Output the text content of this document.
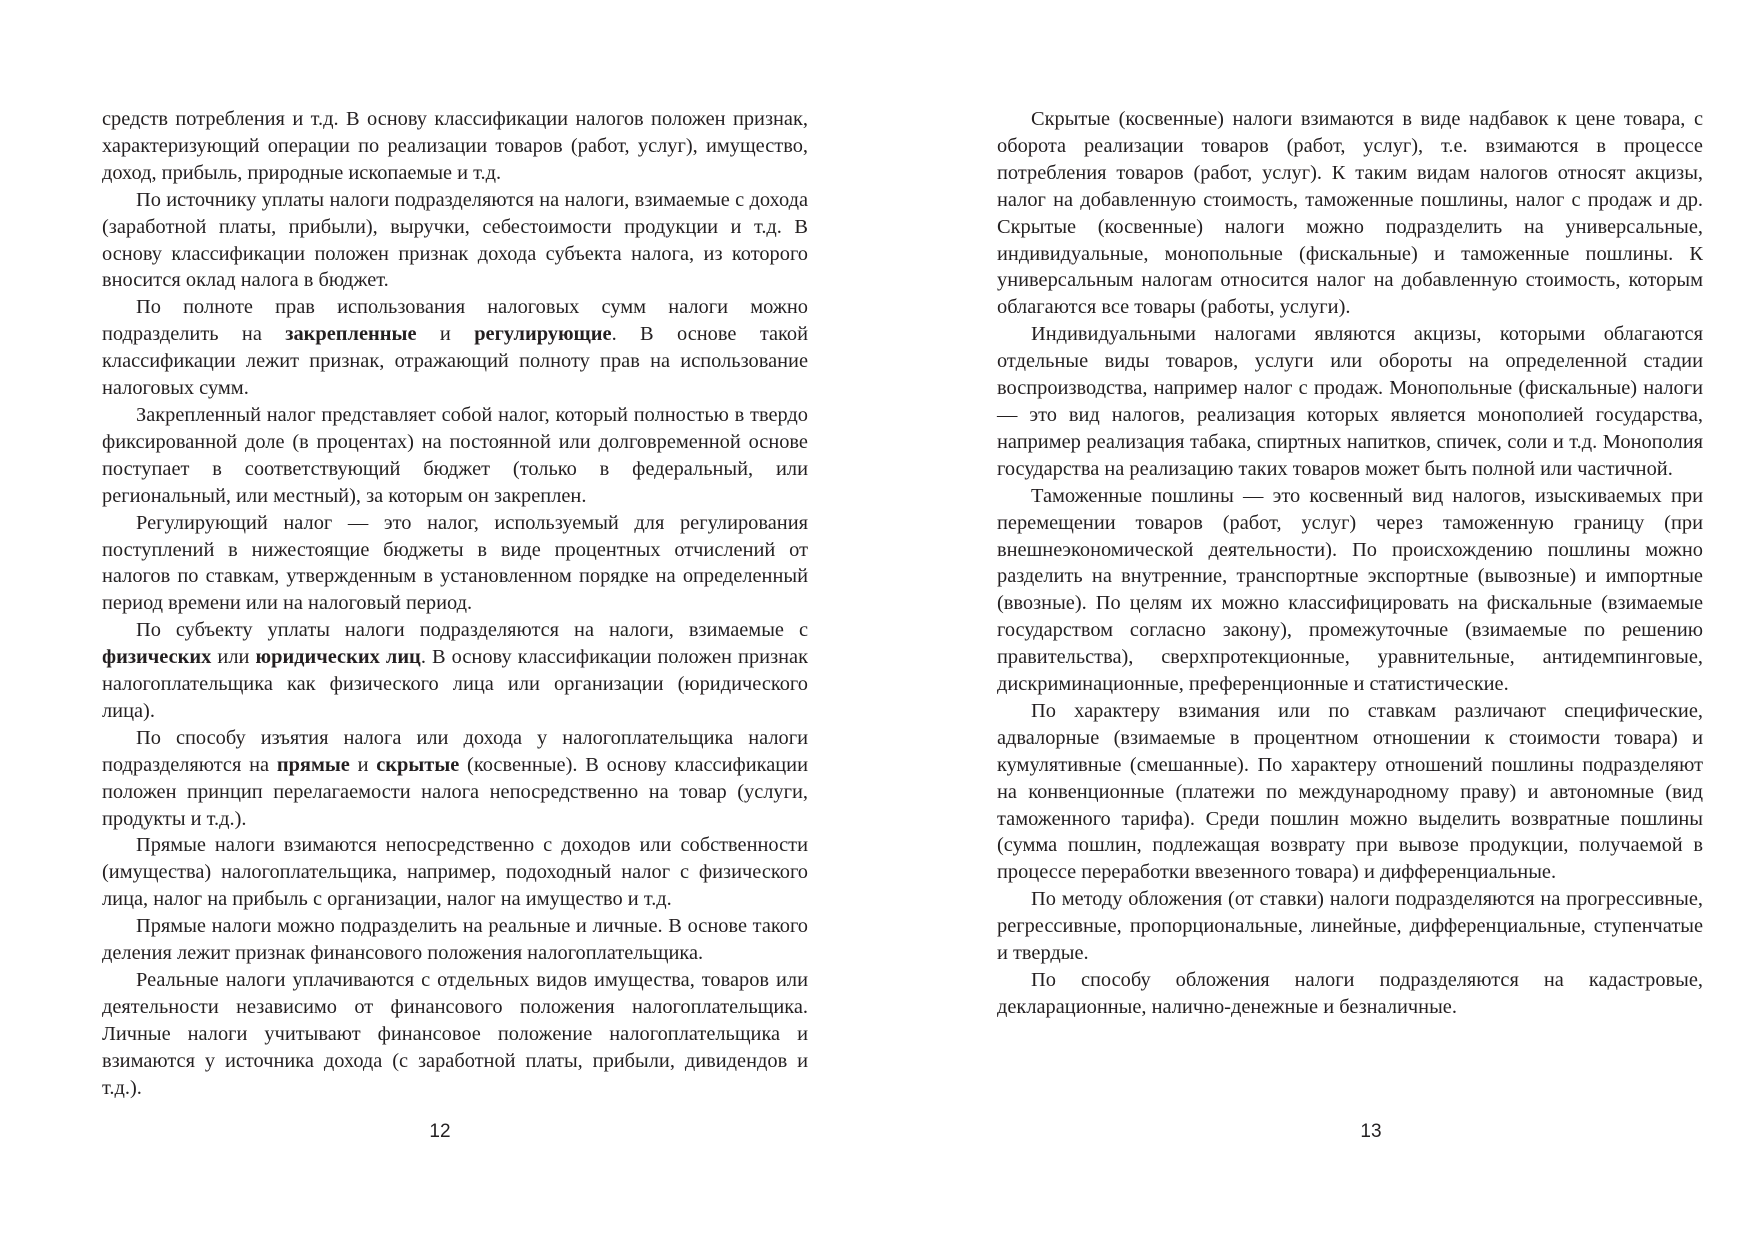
средств потребления и т.д. В основу классификации налогов положен признак, характеризующий операции по реализации товаров (работ, услуг), имущество, доход, прибыль, природные ископаемые и т.д.

По источнику уплаты налоги подразделяются на налоги, взимаемые с дохода (заработной платы, прибыли), выручки, себестоимости продукции и т.д. В основу классификации положен признак дохода субъекта налога, из которого вносится оклад налога в бюджет.

По полноте прав использования налоговых сумм налоги можно подразделить на закрепленные и регулирующие. В основе такой классификации лежит признак, отражающий полноту прав на использование налоговых сумм.

Закрепленный налог представляет собой налог, который полностью в твердо фиксированной доле (в процентах) на постоянной или долговременной основе поступает в соответствующий бюджет (только в федеральный, или региональный, или местный), за которым он закреплен.

Регулирующий налог — это налог, используемый для регулирования поступлений в нижестоящие бюджеты в виде процентных отчислений от налогов по ставкам, утвержденным в установленном порядке на определенный период времени или на налоговый период.

По субъекту уплаты налоги подразделяются на налоги, взимаемые с физических или юридических лиц. В основу классификации положен признак налогоплательщика как физического лица или организации (юридического лица).

По способу изъятия налога или дохода у налогоплательщика налоги подразделяются на прямые и скрытые (косвенные). В основу классификации положен принцип перелагаемости налога непосредственно на товар (услуги, продукты и т.д.).

Прямые налоги взимаются непосредственно с доходов или собственности (имущества) налогоплательщика, например, подоходный налог с физического лица, налог на прибыль с организации, налог на имущество и т.д.

Прямые налоги можно подразделить на реальные и личные. В основе такого деления лежит признак финансового положения налогоплательщика.

Реальные налоги уплачиваются с отдельных видов имущества, товаров или деятельности независимо от финансового положения налогоплательщика. Личные налоги учитывают финансовое положение налогоплательщика и взимаются у источника дохода (с заработной платы, прибыли, дивидендов и т.д.).

12

Скрытые (косвенные) налоги взимаются в виде надбавок к цене товара, с оборота реализации товаров (работ, услуг), т.е. взимаются в процессе потребления товаров (работ, услуг). К таким видам налогов относят акцизы, налог на добавленную стоимость, таможенные пошлины, налог с продаж и др. Скрытые (косвенные) налоги можно подразделить на универсальные, индивидуальные, монопольные (фискальные) и таможенные пошлины. К универсальным налогам относится налог на добавленную стоимость, которым облагаются все товары (работы, услуги).

Индивидуальными налогами являются акцизы, которыми облагаются отдельные виды товаров, услуги или обороты на определенной стадии воспроизводства, например налог с продаж. Монопольные (фискальные) налоги — это вид налогов, реализация которых является монополией государства, например реализация табака, спиртных напитков, спичек, соли и т.д. Монополия государства на реализацию таких товаров может быть полной или частичной.

Таможенные пошлины — это косвенный вид налогов, изыскиваемых при перемещении товаров (работ, услуг) через таможенную границу (при внешнеэкономической деятельности). По происхождению пошлины можно разделить на внутренние, транспортные экспортные (вывозные) и импортные (ввозные). По целям их можно классифицировать на фискальные (взимаемые государством согласно закону), промежуточные (взимаемые по решению правительства), сверхпротекционные, уравнительные, антидемпинговые, дискриминационные, преференционные и статистические.

По характеру взимания или по ставкам различают специфические, адвалорные (взимаемые в процентном отношении к стоимости товара) и кумулятивные (смешанные). По характеру отношений пошлины подразделяют на конвенционные (платежи по международному праву) и автономные (вид таможенного тарифа). Среди пошлин можно выделить возвратные пошлины (сумма пошлин, подлежащая возврату при вывозе продукции, получаемой в процессе переработки ввезенного товара) и дифференциальные.

По методу обложения (от ставки) налоги подразделяются на прогрессивные, регрессивные, пропорциональные, линейные, дифференциальные, ступенчатые и твердые.

По способу обложения налоги подразделяются на кадастровые, декларационные, налично-денежные и безналичные.

13
